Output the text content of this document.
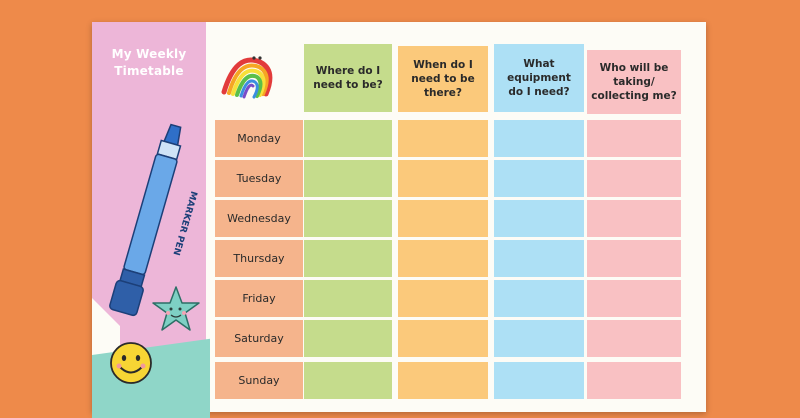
My Weekly Timetable
MARKER PEN
Where do I need to be?
When do I need to be there?
What equipment do I need?
Who will be taking/ collecting me?
Monday
Tuesday
Wednesday
Thursday
Friday
Saturday
Sunday
